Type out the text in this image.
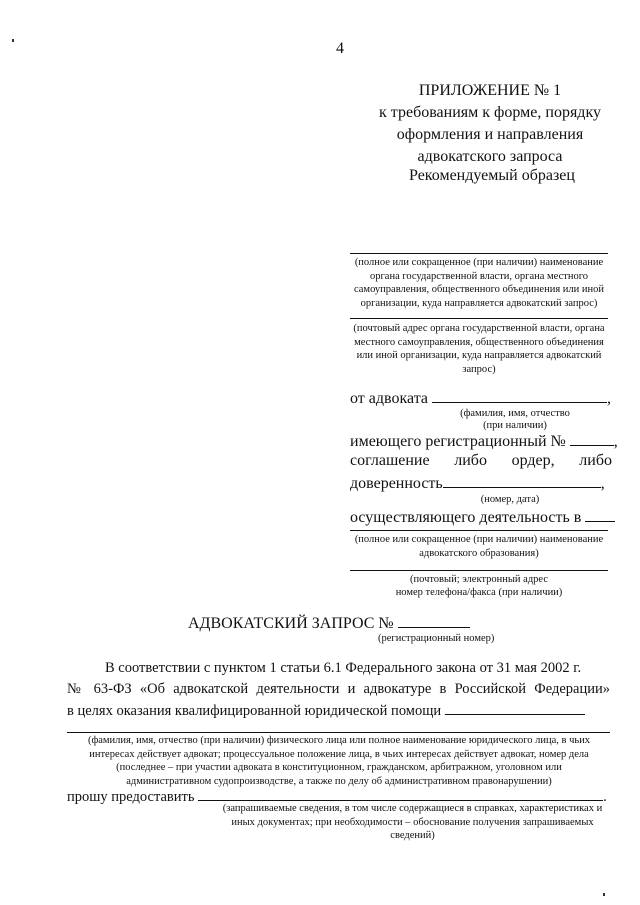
4
ПРИЛОЖЕНИЕ № 1
к требованиям к форме, порядку
оформления и направления
адвокатского запроса
Рекомендуемый образец
(полное или сокращенное (при наличии) наименование органа государственной власти, органа местного самоуправления, общественного объединения или иной организации, куда направляется адвокатский запрос)
(почтовый адрес органа государственной власти, органа местного самоуправления, общественного объединения или иной организации, куда направляется адвокатский запрос)
от адвоката	,
(фамилия, имя, отчество
(при наличии)
имеющего регистрационный №	,
соглашение либо ордер, либо
доверенность	,
(номер, дата)
осуществляющего деятельность в
(полное или сокращенное (при наличии) наименование адвокатского образования)
(почтовый; электронный адрес
номер телефона/факса (при наличии)
АДВОКАТСКИЙ ЗАПРОС №
(регистрационный номер)
В соответствии с пунктом 1 статьи 6.1 Федерального закона от 31 мая 2002 г.
№ 63-ФЗ «Об адвокатской деятельности и адвокатуре в Российской Федерации»
в целях оказания квалифицированной юридической помощи
(фамилия, имя, отчество (при наличии) физического лица или полное наименование юридического лица, в чьих интересах действует адвокат; процессуальное положение лица, в чьих интересах действует адвокат, номер дела (последнее – при участии адвоката в конституционном, гражданском, арбитражном, уголовном или административном судопроизводстве, а также по делу об административном правонарушении)
прошу предоставить	.
(запрашиваемые сведения, в том числе содержащиеся в справках, характеристиках и иных документах; при необходимости – обоснование получения запрашиваемых сведений)
